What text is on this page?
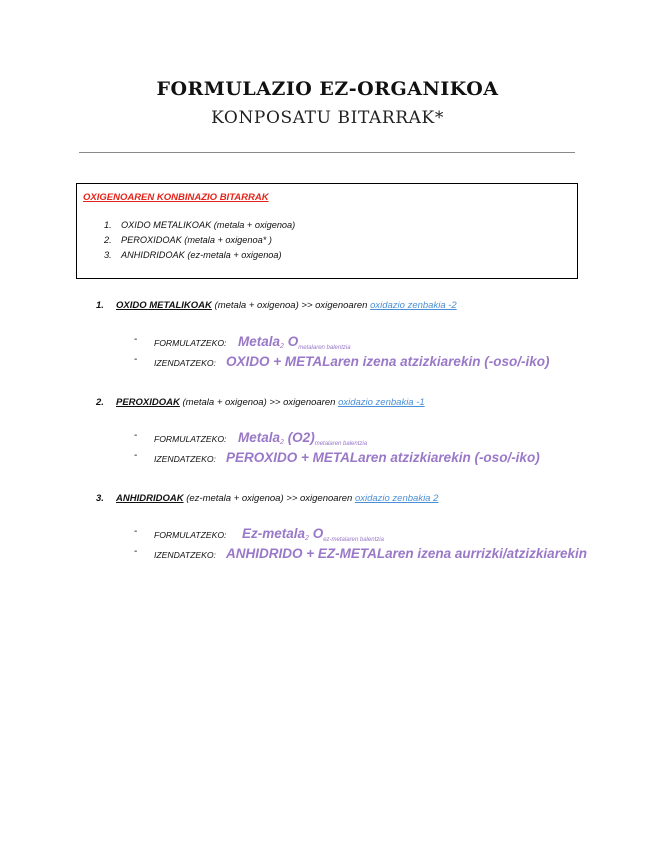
FORMULAZIO EZ-ORGANIKOA
KONPOSATU BITARRAK*
OXIGENOAREN KONBINAZIO BITARRAK
1.	OXIDO METALIKOAK (metala + oxigenoa)
2.	PEROXIDOAK (metala + oxigenoa* )
3.	ANHIDRIDOAK (ez-metala + oxigenoa)
1. OXIDO METALIKOAK (metala + oxigenoa) >> oxigenoaren oxidazio zenbakia -2
- FORMULATZEKO: Metala$_2$ $O_{metalaren balentzia}$
- IZENDATZEKO: OXIDO + METALaren izena atzizkiarekin (-oso/-iko)
2. PEROXIDOAK (metala + oxigenoa) >> oxigenoaren oxidazio zenbakia -1
- FORMULATZEKO: Metala$_2$ $(O2)_{metalaren balentzia}$
- IZENDATZEKO: PEROXIDO + METALaren atzizkiarekin (-oso/-iko)
3. ANHIDRIDOAK (ez-metala + oxigenoa) >> oxigenoaren oxidazio zenbakia 2
- FORMULATZEKO: Ez-metala$_2$ $O_{ez-metalaren balentzia}$
- IZENDATZEKO: ANHIDRIDO + EZ-METALaren izena aurrizki/atzizkiarekin
